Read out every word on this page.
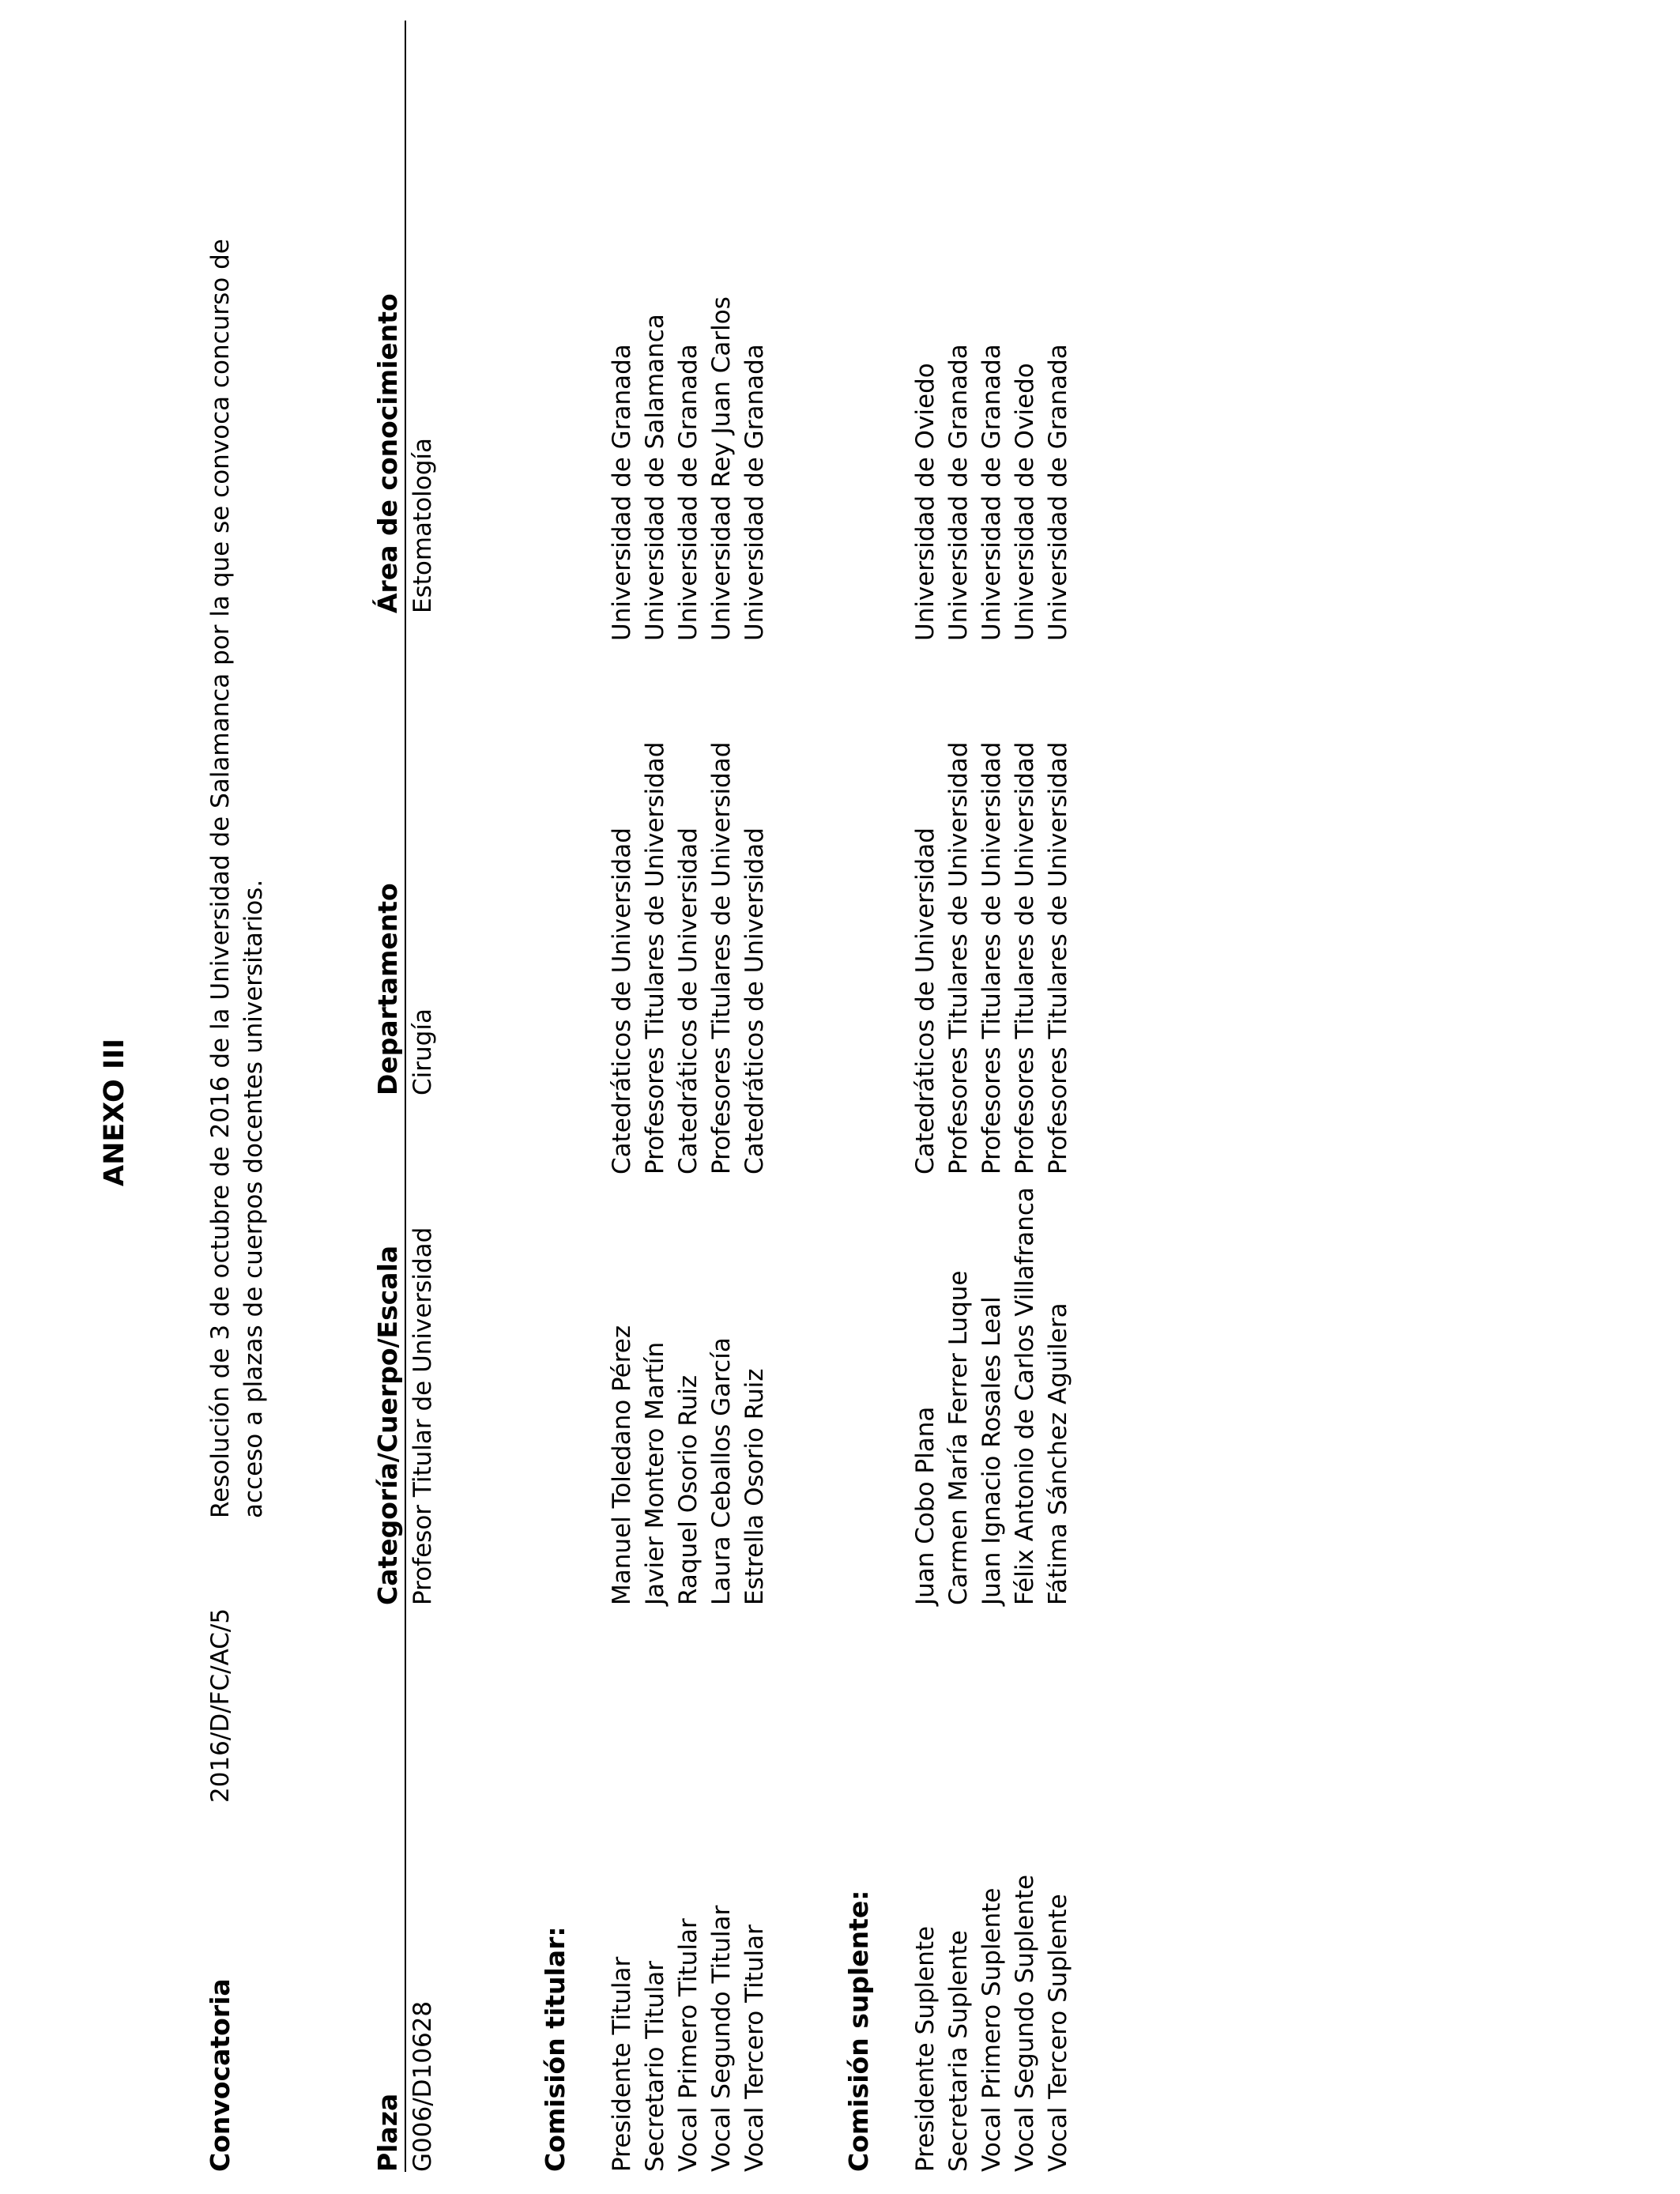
ANEXO III
Convocatoria
2016/D/FC/AC/5
Resolución de 3 de octubre de 2016 de la Universidad de Salamanca por la que se convoca concurso de acceso a plazas de cuerpos docentes universitarios.
Plaza
Categoría/Cuerpo/Escala
Departamento
Área de conocimiento
G006/D10628
Profesor Titular de Universidad
Cirugía
Estomatología
Comisión titular: Presidente Titular Secretario Titular Vocal Primero Titular Vocal Segundo Titular Vocal Tercero Titular
Manuel Toledano Pérez Javier Montero Martín Raquel Osorio Ruiz Laura Ceballos García Estrella Osorio Ruiz
Catedráticos de Universidad Profesores Titulares de Universidad Catedráticos de Universidad Profesores Titulares de Universidad Catedráticos de Universidad
Universidad de Granada Universidad de Salamanca Universidad de Granada Universidad Rey Juan Carlos Universidad de Granada
Comisión suplente: Presidente Suplente Secretaria Suplente Vocal Primero Suplente Vocal Segundo Suplente Vocal Tercero Suplente
Juan Cobo Plana Carmen María Ferrer Luque Juan Ignacio Rosales Leal Félix Antonio de Carlos Villafranca Fátima Sánchez Aguilera
Catedráticos de Universidad Profesores Titulares de Universidad Profesores Titulares de Universidad Profesores Titulares de Universidad Profesores Titulares de Universidad
Universidad de Oviedo Universidad de Granada Universidad de Granada Universidad de Oviedo Universidad de Granada
